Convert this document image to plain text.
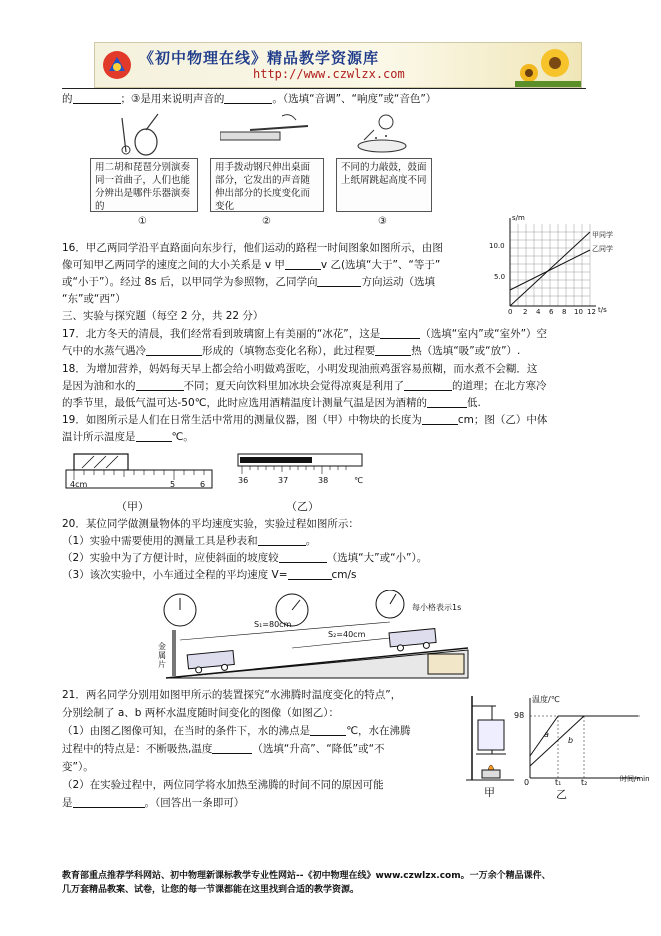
《初中物理在线》精品教学资源库
http://www.czwlzx.com
的	；③是用来说明声音的	。（选填“音调”、“响度”或“音色”）
用二胡和琵琶分别演奏同一首曲子，人们也能分辨出是哪件乐器演奏的
①
用手拨动钢尺伸出桌面部分，它发出的声音随伸出部分的长度变化而变化
②
不同的力敲鼓，鼓面上纸屑跳起高度不同
③
16．甲乙两同学沿平直路面向东步行，他们运动的路程一时间图象如图所示，由图
像可知甲乙两同学的速度之间的大小关系是 v 甲	v 乙(选填“大于”、“等于”
或“小于”）。经过 8s 后，以甲同学为参照物，乙同学向	方向运动（选填
“东”或“西”）
s/m
10.0
5.0
0 2 4 6 8 10 12 t/s
甲同学
乙同学
三、实验与探究题（每空 2 分，共 22 分）
17．北方冬天的清晨，我们经常看到玻璃窗上有美丽的“冰花”，这是	（选填“室内”或“室外”）空
气中的水蒸气遇冷	形成的（填物态变化名称），此过程要	热（选填“吸”或“放”）.
18．为增加营养，妈妈每天早上都会给小明做鸡蛋吃，小明发现油煎鸡蛋容易煎糊，而水煮不会糊．这
是因为油和水的	不同；夏天向饮料里加冰块会觉得凉爽是利用了	的道理；在北方寒冷
的季节里，最低气温可达-50℃，此时应选用酒精温度计测量气温是因为酒精的	低.
19．如图所示是人们在日常生活中常用的测量仪器，图（甲）中物块的长度为	cm；图（乙）中体
温计所示温度是	℃。
4cm	5	6
（甲）
36	37	38	℃
（乙）
20．某位同学做测量物体的平均速度实验，实验过程如图所示：
（1）实验中需要使用的测量工具是秒表和	。
（2）实验中为了方便计时，应使斜面的坡度较	（选填“大”或“小”）。
（3）该次实验中，小车通过全程的平均速度 V=	cm/s
每小格表示1s
S₁=80cm
S₂=40cm
金属片
21．两名同学分别用如图甲所示的装置探究“水沸腾时温度变化的特点”，
分别绘制了 a、b 两杯水温度随时间变化的图像（如图乙）：
（1）由图乙图像可知，在当时的条件下，水的沸点是	℃，水在沸腾
过程中的特点是：不断吸热,温度	（选填“升高”、“降低”或“不
变”）。
（2）在实验过程中，两位同学将水加热至沸腾的时间不同的原因可能
是	。（回答出一条即可）
甲
温度/℃
98
a
b
0	t₁ t₂	时间/min
乙
教育部重点推荐学科网站、初中物理新课标教学专业性网站--《初中物理在线》www.czwlzx.com。一万余个精品课件、
几万套精品教案、试卷，让您的每一节课都能在这里找到合适的教学资源。
